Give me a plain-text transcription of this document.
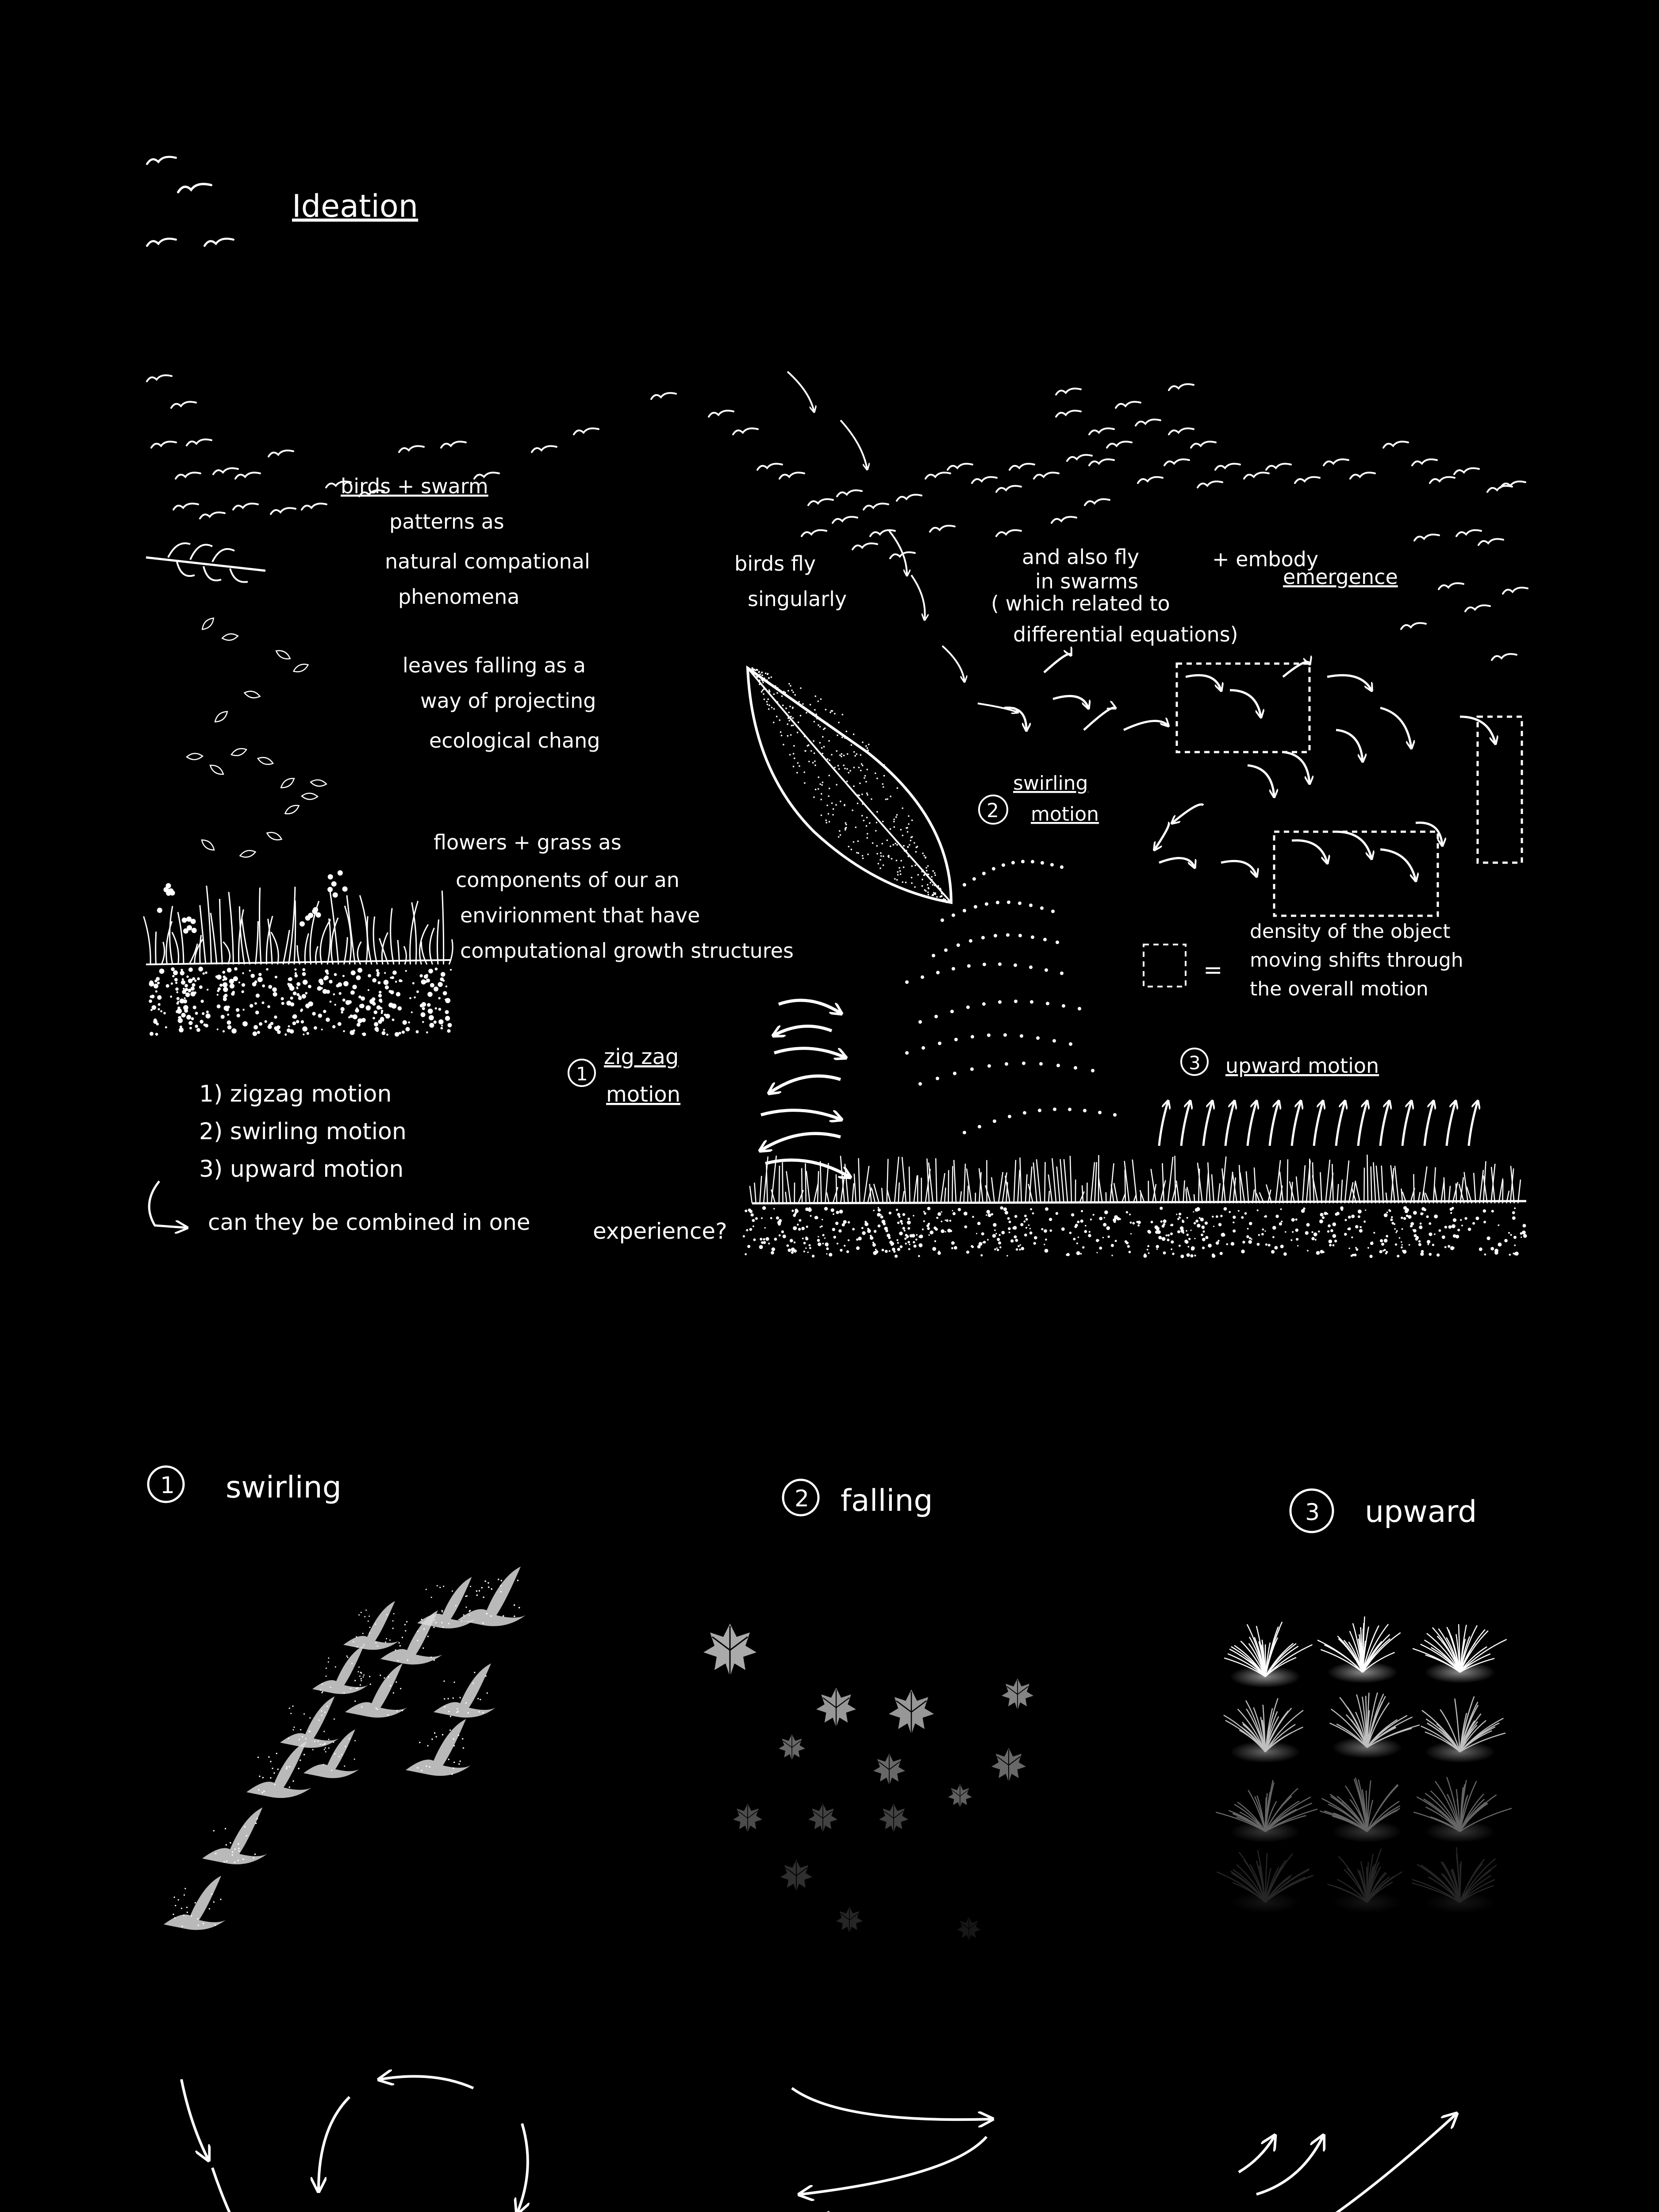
Ideation
birds + swarm
patterns as
natural compational
phenomena
birds fly
singularly
and also fly
in swarms
( which related to
differential equations)
+ embody
emergence
leaves falling as a
way of projecting
ecological chang
flowers + grass as
components of our an
envirionment that have
computational growth structures
2
swirling
motion
1
zig zag
motion
3 upward motion
=
density of the object
moving shifts through
the overall motion
1) zigzag motion
2) swirling motion
3) upward motion
can they be combined in one	experience?
1 swirling	2 falling	3 upward
